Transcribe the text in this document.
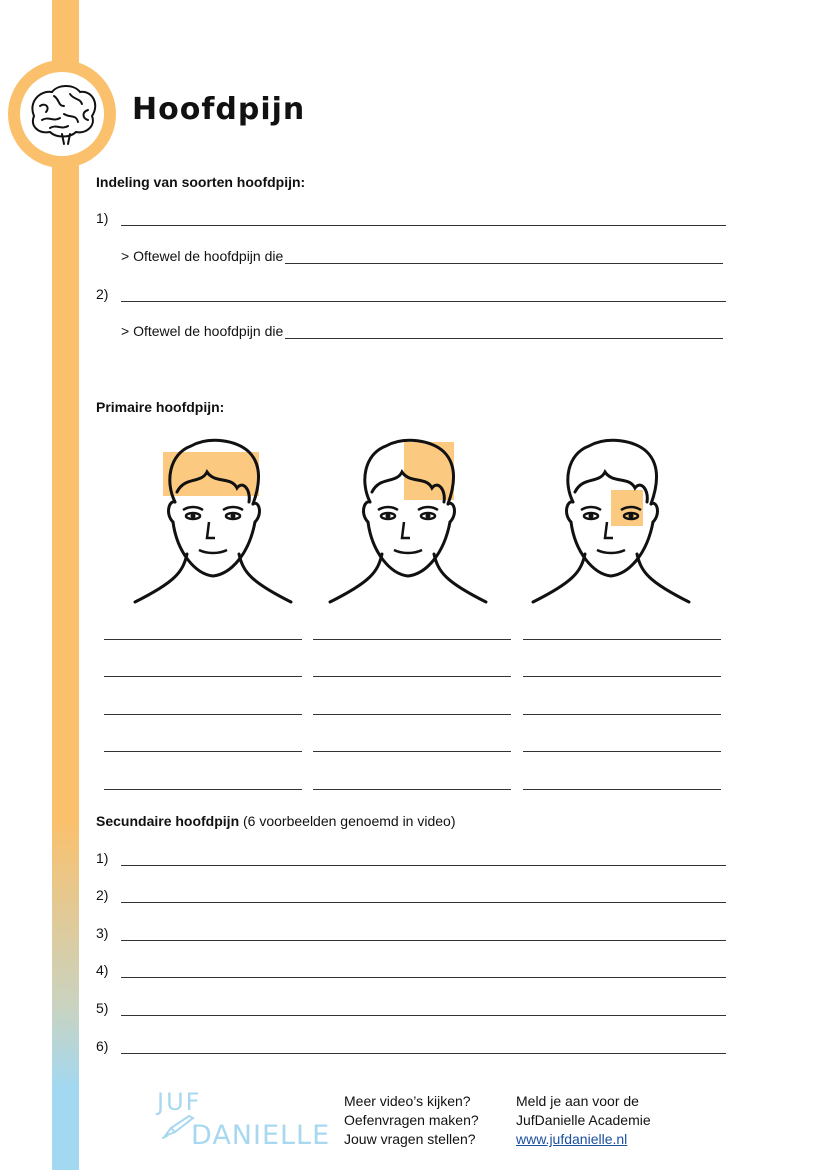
Hoofdpijn
Indeling van soorten hoofdpijn:
1)
> Oftewel de hoofdpijn die
2)
> Oftewel de hoofdpijn die
Primaire hoofdpijn:
Secundaire hoofdpijn (6 voorbeelden genoemd in video)
1)
2)
3)
4)
5)
6)
JUF
DANIELLE
Meer video’s kijken?
Oefenvragen maken?
Jouw vragen stellen?
Meld je aan voor de
JufDanielle Academie
www.jufdanielle.nl
